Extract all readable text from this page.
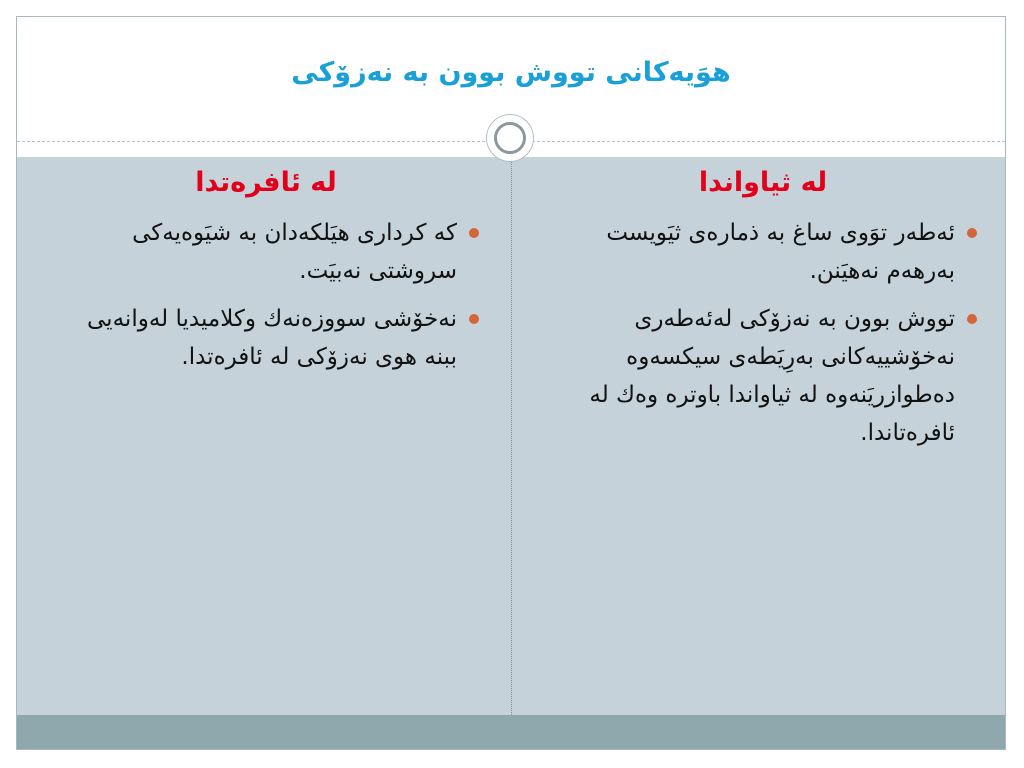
هوَیەكانی تووش بوون بە نەزۆكی
لە ثیاواندا
ئەطەر توَوی ساغ بە ذمارەی ثیَویست بەرهەم نەهیَنن.
تووش بوون بە نەزۆكی لەئەطەری نەخۆشییەكانی بەرِیَطەی سیكسەوە دەطوازریَنەوە لە ثیاواندا باوترە وەك لە ئافرەتاندا.
لە ئافرەتدا
كە كرداری هیَلكەدان بە شیَوەیەكی سروشتی نەبیَت.
نەخۆشی سووزەنەك وكلامیدیا لەوانەیی ببنە هوی نەزۆكی لە ئافرەتدا.
